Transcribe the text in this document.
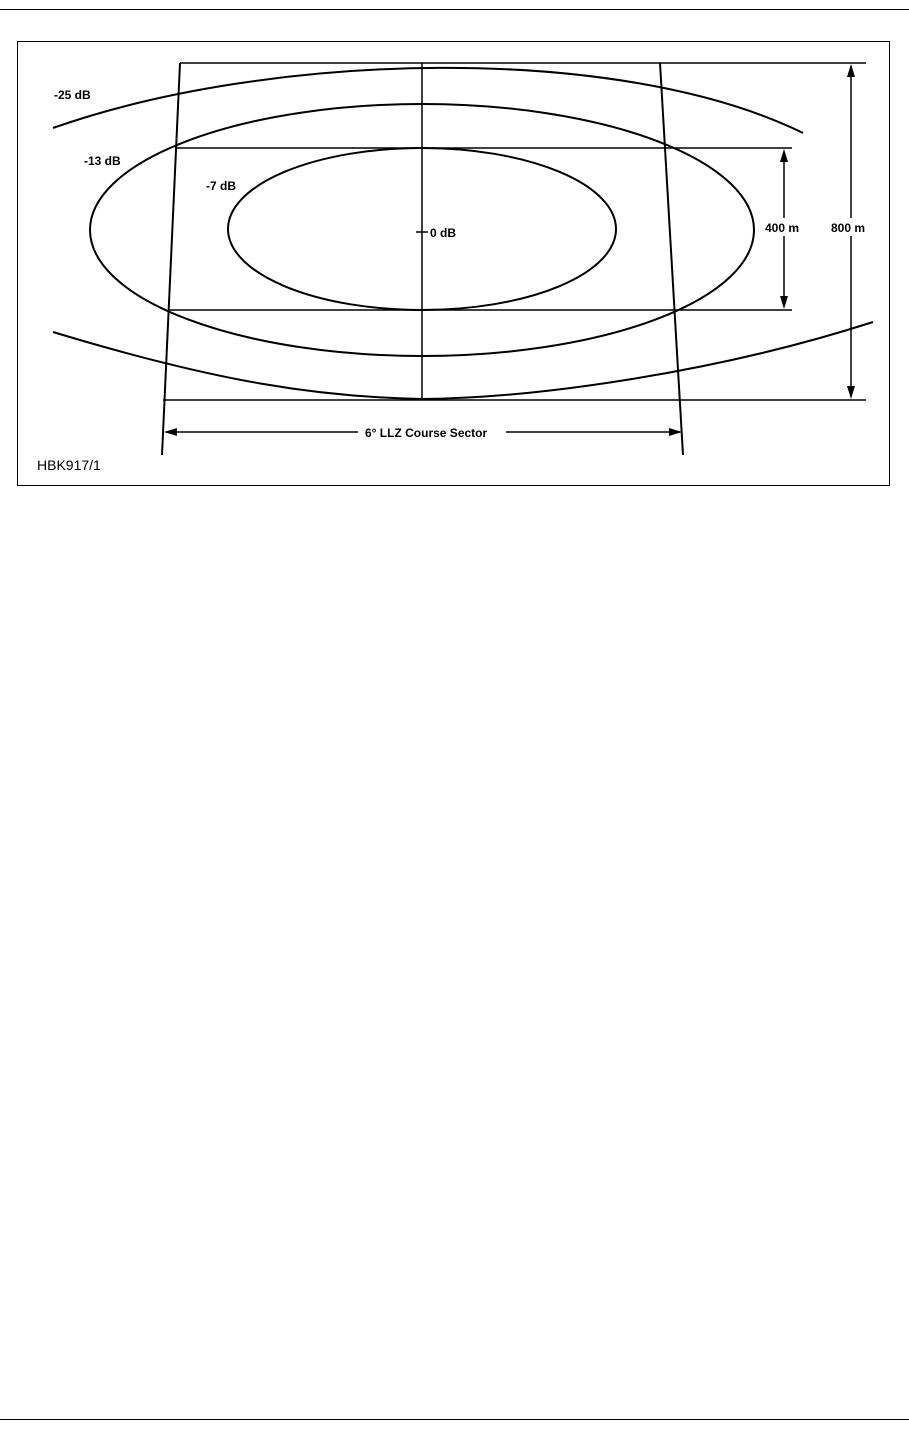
-25 dB
-13 dB
-7 dB
0 dB	400 m	800 m
6° LLZ Course Sector

HBK917/1
